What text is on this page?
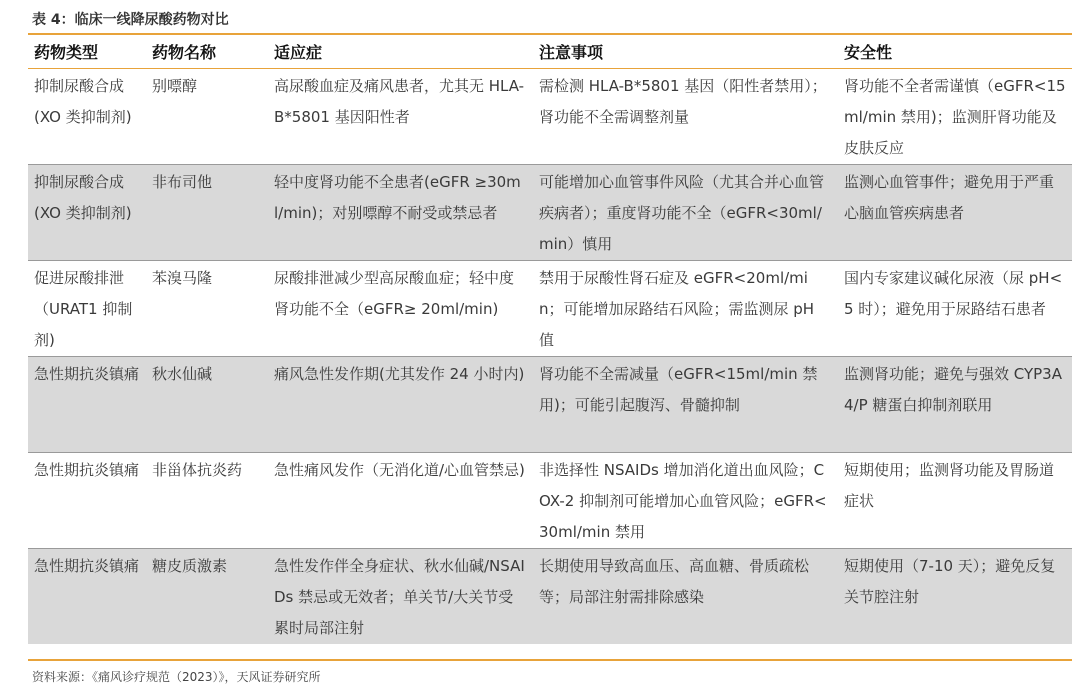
表 4：临床一线降尿酸药物对比
药物类型	药物名称	适应症	注意事项	安全性
抑制尿酸合成(XO 类抑制剂)	别嘌醇	高尿酸血症及痛风患者，尤其无 HLA-B*5801 基因阳性者	需检测 HLA-B*5801 基因（阳性者禁用）；肾功能不全需调整剂量	肾功能不全者需谨慎（eGFR<15ml/min 禁用)；监测肝肾功能及皮肤反应
抑制尿酸合成(XO 类抑制剂)	非布司他	轻中度肾功能不全患者(eGFR ≥30ml/min)；对别嘌醇不耐受或禁忌者	可能增加心血管事件风险（尤其合并心血管疾病者）；重度肾功能不全（eGFR<30ml/min）慎用	监测心血管事件；避免用于严重心脑血管疾病患者
促进尿酸排泄（URAT1 抑制剂)	苯溴马隆	尿酸排泄减少型高尿酸血症；轻中度肾功能不全（eGFR≥ 20ml/min)	禁用于尿酸性肾石症及 eGFR<20ml/min；可能增加尿路结石风险；需监测尿 pH 值	国内专家建议碱化尿液（尿 pH<5 时）；避免用于尿路结石患者
急性期抗炎镇痛	秋水仙碱	痛风急性发作期(尤其发作 24 小时内)	肾功能不全需减量（eGFR<15ml/min 禁用)；可能引起腹泻、骨髓抑制	监测肾功能；避免与强效 CYP3A4/P 糖蛋白抑制剂联用
急性期抗炎镇痛	非甾体抗炎药	急性痛风发作（无消化道/心血管禁忌)	非选择性 NSAIDs 增加消化道出血风险；COX-2 抑制剂可能增加心血管风险；eGFR<30ml/min 禁用	短期使用；监测肾功能及胃肠道症状
急性期抗炎镇痛	糖皮质激素	急性发作伴全身症状、秋水仙碱/NSAIDs 禁忌或无效者；单关节/大关节受累时局部注射	长期使用导致高血压、高血糖、骨质疏松等；局部注射需排除感染	短期使用（7-10 天）；避免反复关节腔注射
资料来源：《痛风诊疗规范（2023）》，天风证券研究所
